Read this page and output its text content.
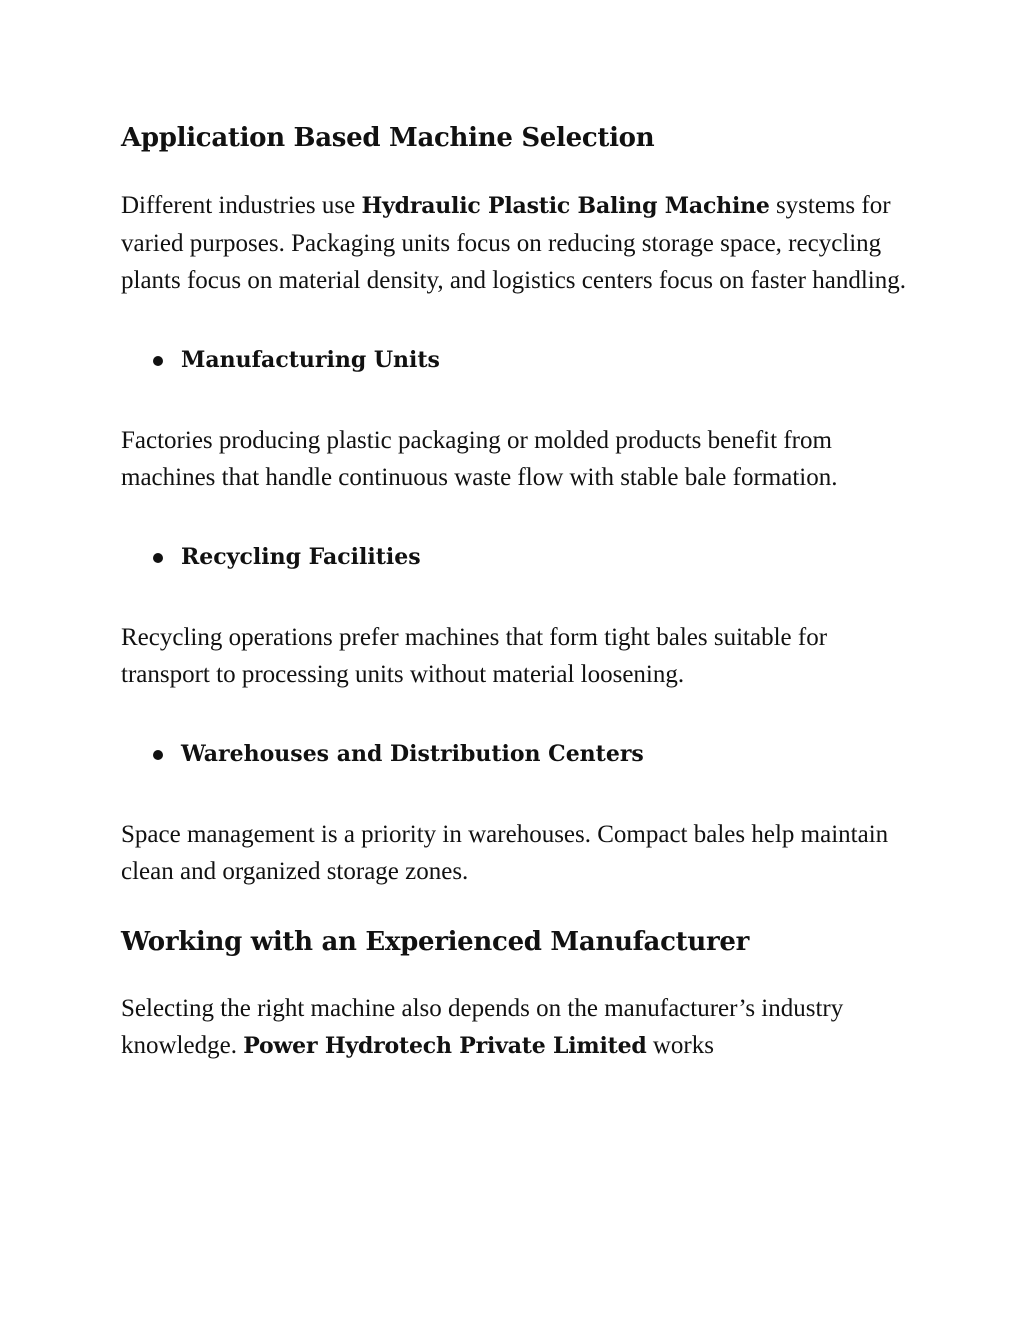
Application Based Machine Selection

Different industries use Hydraulic Plastic Baling Machine systems for varied purposes. Packaging units focus on reducing storage space, recycling plants focus on material density, and logistics centers focus on faster handling.

Manufacturing Units

Factories producing plastic packaging or molded products benefit from machines that handle continuous waste flow with stable bale formation.

Recycling Facilities

Recycling operations prefer machines that form tight bales suitable for transport to processing units without material loosening.

Warehouses and Distribution Centers

Space management is a priority in warehouses. Compact bales help maintain clean and organized storage zones.

Working with an Experienced Manufacturer

Selecting the right machine also depends on the manufacturer’s industry knowledge. Power Hydrotech Private Limited works
